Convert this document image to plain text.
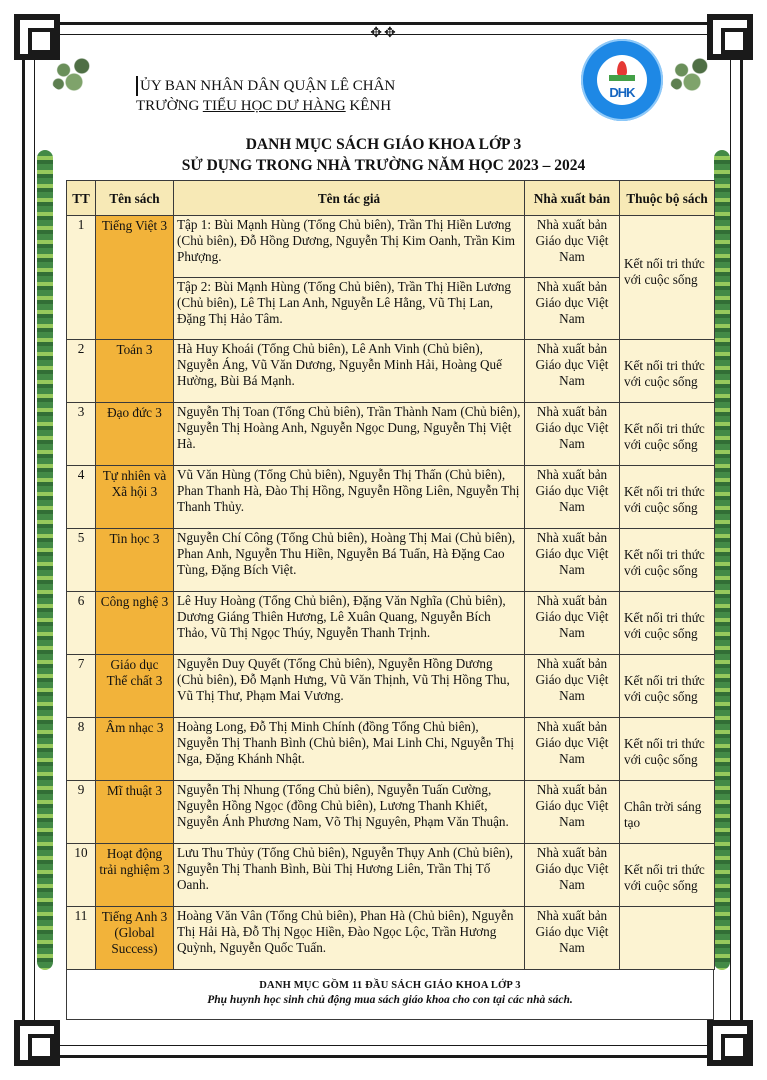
✥✥
ỦY BAN NHÂN DÂN QUẬN LÊ CHÂN
TRƯỜNG TIỂU HỌC DƯ HÀNG KÊNH
DHK
DANH MỤC SÁCH GIÁO KHOA LỚP 3
SỬ DỤNG TRONG NHÀ TRƯỜNG NĂM HỌC 2023 – 2024
TT	Tên sách	Tên tác giả	Nhà xuất bản	Thuộc bộ sách
1	Tiếng Việt 3	Tập 1: Bùi Mạnh Hùng (Tổng Chủ biên), Trần Thị Hiền Lương (Chủ biên), Đỗ Hồng Dương, Nguyễn Thị Kim Oanh, Trần Kim Phượng.	Nhà xuất bản Giáo dục Việt Nam	Kết nối tri thức với cuộc sống
		Tập 2: Bùi Mạnh Hùng (Tổng Chủ biên), Trần Thị Hiền Lương (Chủ biên), Lê Thị Lan Anh, Nguyễn Lê Hằng, Vũ Thị Lan, Đặng Thị Hảo Tâm.	Nhà xuất bản Giáo dục Việt Nam	
2	Toán 3	Hà Huy Khoái (Tổng Chủ biên), Lê Anh Vinh (Chủ biên), Nguyễn Áng, Vũ Văn Dương, Nguyễn Minh Hải, Hoàng Quế Hường, Bùi Bá Mạnh.	Nhà xuất bản Giáo dục Việt Nam	Kết nối tri thức với cuộc sống
3	Đạo đức 3	Nguyễn Thị Toan (Tổng Chủ biên), Trần Thành Nam (Chủ biên), Nguyễn Thị Hoàng Anh, Nguyễn Ngọc Dung, Nguyễn Thị Việt Hà.	Nhà xuất bản Giáo dục Việt Nam	Kết nối tri thức với cuộc sống
4	Tự nhiên và Xã hội 3	Vũ Văn Hùng (Tổng Chủ biên), Nguyễn Thị Thấn (Chủ biên), Phan Thanh Hà, Đào Thị Hồng, Nguyễn Hồng Liên, Nguyễn Thị Thanh Thủy.	Nhà xuất bản Giáo dục Việt Nam	Kết nối tri thức với cuộc sống
5	Tin học 3	Nguyễn Chí Công (Tổng Chủ biên), Hoàng Thị Mai (Chủ biên), Phan Anh, Nguyễn Thu Hiền, Nguyễn Bá Tuấn, Hà Đặng Cao Tùng, Đặng Bích Việt.	Nhà xuất bản Giáo dục Việt Nam	Kết nối tri thức với cuộc sống
6	Công nghệ 3	Lê Huy Hoàng (Tổng Chủ biên), Đặng Văn Nghĩa (Chủ biên), Dương Giáng Thiên Hương, Lê Xuân Quang, Nguyễn Bích Thảo, Vũ Thị Ngọc Thúy, Nguyễn Thanh Trịnh.	Nhà xuất bản Giáo dục Việt Nam	Kết nối tri thức với cuộc sống
7	Giáo dục Thể chất 3	Nguyễn Duy Quyết (Tổng Chủ biên), Nguyễn Hồng Dương (Chủ biên), Đỗ Mạnh Hưng, Vũ Văn Thịnh, Vũ Thị Hồng Thu, Vũ Thị Thư, Phạm Mai Vương.	Nhà xuất bản Giáo dục Việt Nam	Kết nối tri thức với cuộc sống
8	Âm nhạc 3	Hoàng Long, Đỗ Thị Minh Chính (đồng Tổng Chủ biên), Nguyễn Thị Thanh Bình (Chủ biên), Mai Linh Chi, Nguyễn Thị Nga, Đặng Khánh Nhật.	Nhà xuất bản Giáo dục Việt Nam	Kết nối tri thức với cuộc sống
9	Mĩ thuật 3	Nguyễn Thị Nhung (Tổng Chủ biên), Nguyễn Tuấn Cường, Nguyễn Hồng Ngọc (đồng Chủ biên), Lương Thanh Khiết, Nguyễn Ánh Phương Nam, Võ Thị Nguyên, Phạm Văn Thuận.	Nhà xuất bản Giáo dục Việt Nam	Chân trời sáng tạo
10	Hoạt động trải nghiệm 3	Lưu Thu Thủy (Tổng Chủ biên), Nguyễn Thụy Anh (Chủ biên), Nguyễn Thị Thanh Bình, Bùi Thị Hương Liên, Trần Thị Tố Oanh.	Nhà xuất bản Giáo dục Việt Nam	Kết nối tri thức với cuộc sống
11	Tiếng Anh 3 (Global Success)	Hoàng Văn Vân (Tổng Chủ biên), Phan Hà (Chủ biên), Nguyễn Thị Hải Hà, Đỗ Thị Ngọc Hiền, Đào Ngọc Lộc, Trần Hương Quỳnh, Nguyễn Quốc Tuấn.	Nhà xuất bản Giáo dục Việt Nam	
DANH MỤC GỒM 11 ĐẦU SÁCH GIÁO KHOA LỚP 3
Phụ huynh học sinh chủ động mua sách giáo khoa cho con tại các nhà sách.
